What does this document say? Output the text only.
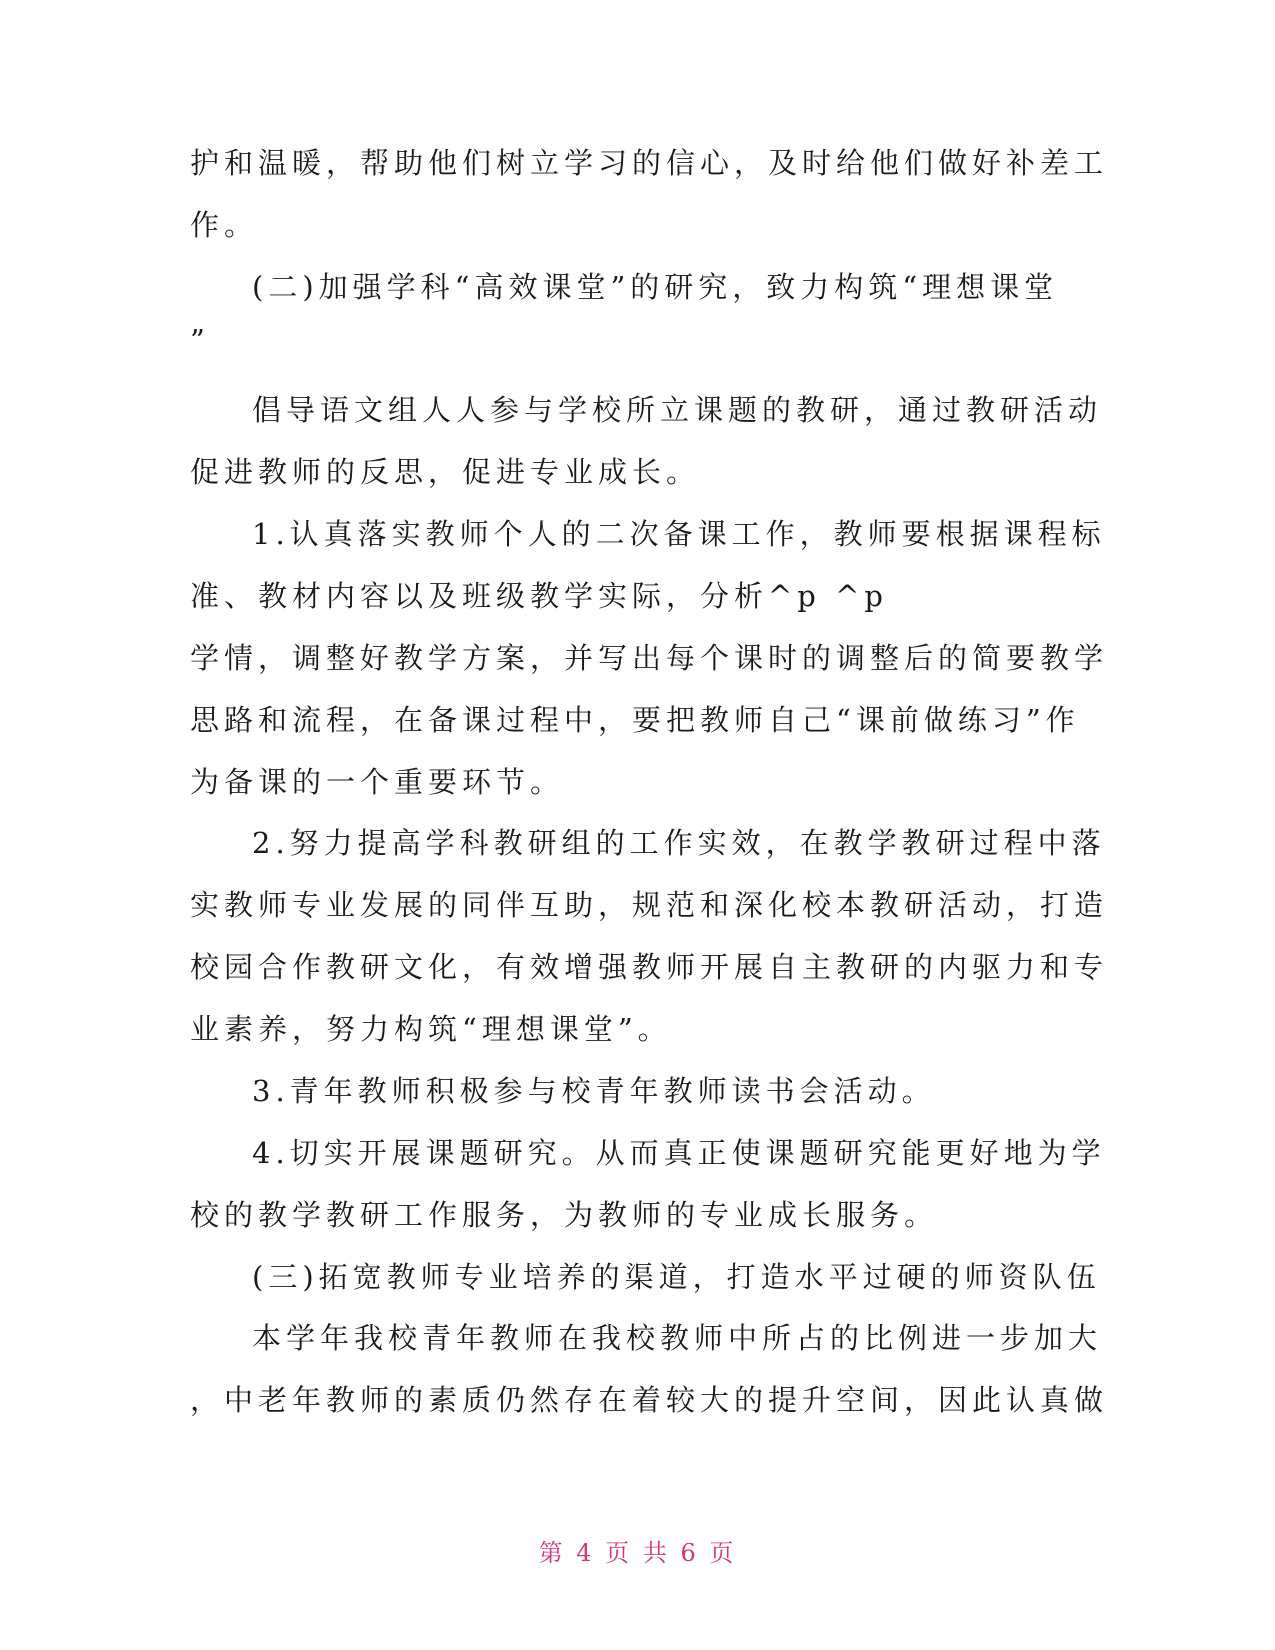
护和温暖，帮助他们树立学习的信心，及时给他们做好补差工

作。

(二)加强学科“高效课堂”的研究，致力构筑“理想课堂

”

倡导语文组人人参与学校所立课题的教研，通过教研活动

促进教师的反思，促进专业成长。

1.认真落实教师个人的二次备课工作，教师要根据课程标

准、教材内容以及班级教学实际，分析^p ^p

学情，调整好教学方案，并写出每个课时的调整后的简要教学

思路和流程，在备课过程中，要把教师自己“课前做练习”作

为备课的一个重要环节。

2.努力提高学科教研组的工作实效，在教学教研过程中落

实教师专业发展的同伴互助，规范和深化校本教研活动，打造

校园合作教研文化，有效增强教师开展自主教研的内驱力和专

业素养，努力构筑“理想课堂”。

3.青年教师积极参与校青年教师读书会活动。

4.切实开展课题研究。从而真正使课题研究能更好地为学

校的教学教研工作服务，为教师的专业成长服务。

(三)拓宽教师专业培养的渠道，打造水平过硬的师资队伍

本学年我校青年教师在我校教师中所占的比例进一步加大

，中老年教师的素质仍然存在着较大的提升空间，因此认真做

第 4 页 共 6 页
